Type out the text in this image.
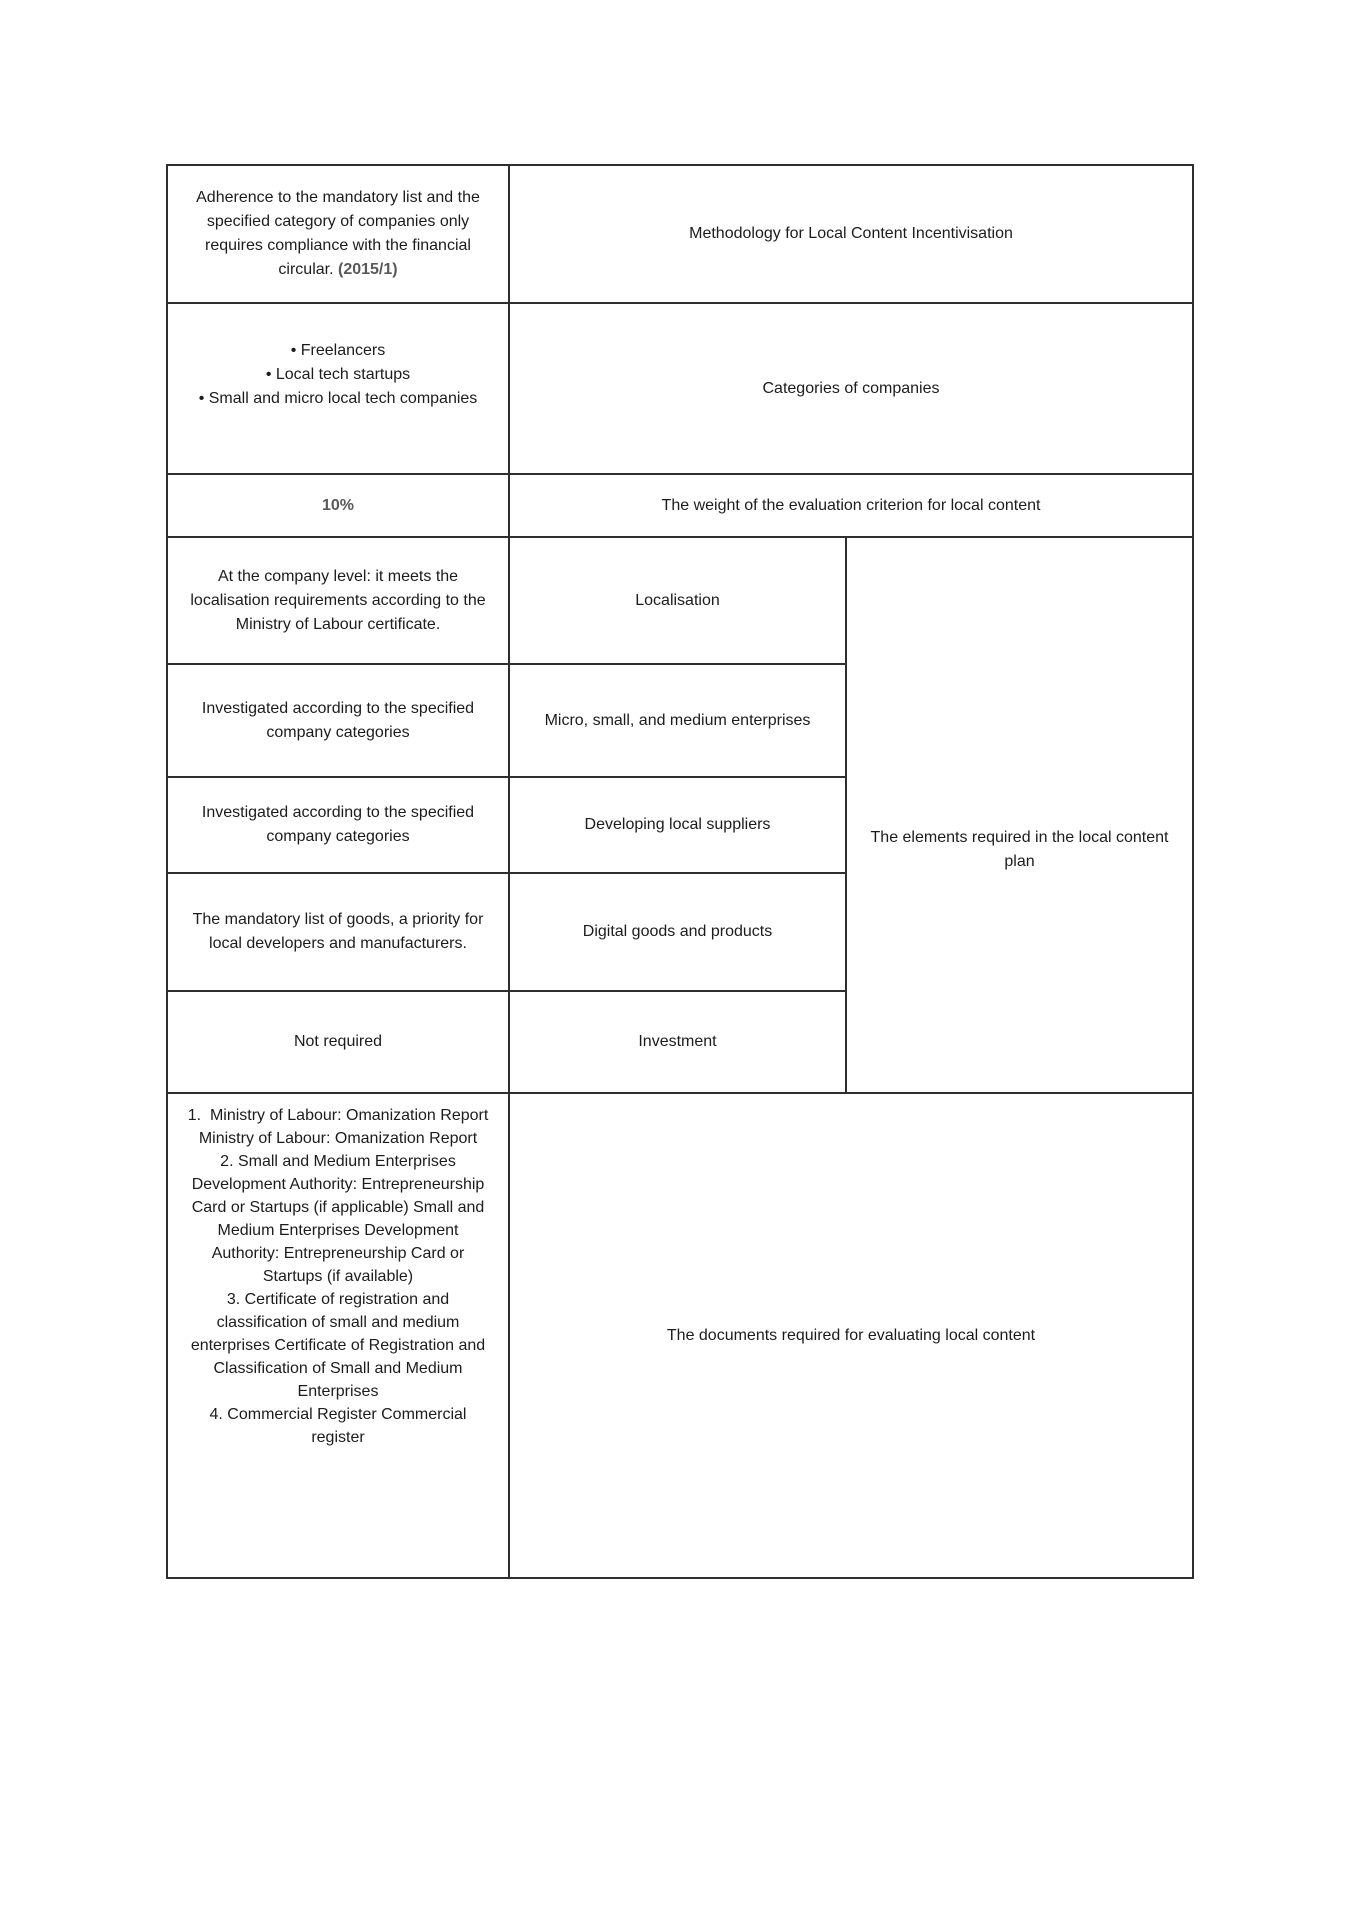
Adherence to the mandatory list and the specified category of companies only requires compliance with the financial circular. (2015/1)
Methodology for Local Content Incentivisation
• Freelancers
• Local tech startups
• Small and micro local tech companies
Categories of companies
10%	The weight of the evaluation criterion for local content
The elements required in the local content plan
At the company level: it meets the localisation requirements according to the Ministry of Labour certificate.
Localisation
Investigated according to the specified company categories
Micro, small, and medium enterprises
Investigated according to the specified company categories
Developing local suppliers
The mandatory list of goods, a priority for local developers and manufacturers.
Digital goods and products
Not required	Investment
1.  Ministry of Labour: Omanization Report Ministry of Labour: Omanization Report
2. Small and Medium Enterprises Development Authority: Entrepreneurship Card or Startups (if applicable) Small and Medium Enterprises Development Authority: Entrepreneurship Card or Startups (if available)
3. Certificate of registration and classification of small and medium enterprises Certificate of Registration and Classification of Small and Medium Enterprises
4. Commercial Register Commercial register
The documents required for evaluating local content
